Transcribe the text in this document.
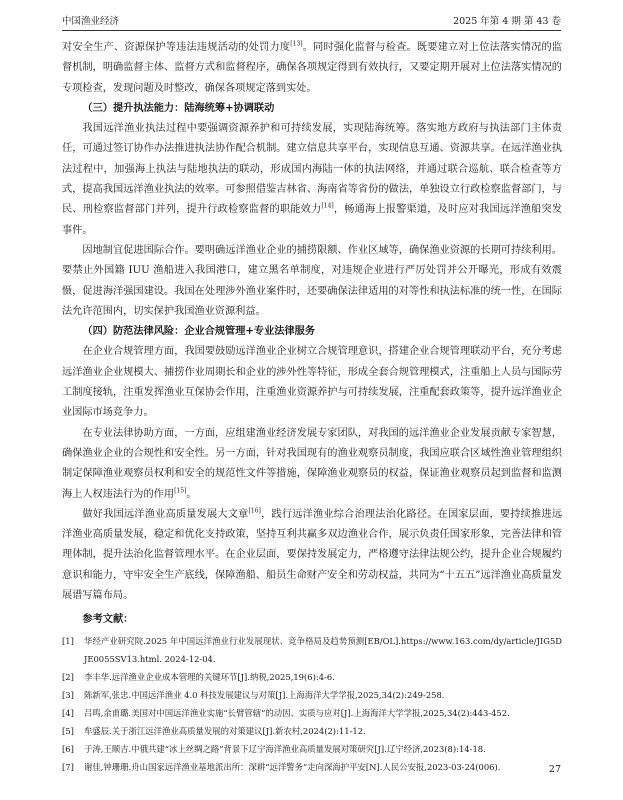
中国渔业经济	2025 年第 4 期 第 43 卷

对安全生产、资源保护等违法违规活动的处罚力度[13]。同时强化监督与检查。既要建立对上位法落实情况的监督机制，明确监督主体、监督方式和监督程序，确保各项规定得到有效执行，又要定期开展对上位法落实情况的专项检查，发现问题及时整改，确保各项规定落到实处。

（三）提升执法能力：陆海统筹+协调联动

我国远洋渔业执法过程中要强调资源养护和可持续发展，实现陆海统筹。落实地方政府与执法部门主体责任，可通过签订协作办法推进执法协作配合机制。建立信息共享平台，实现信息互通、资源共享。在远洋渔业执法过程中，加强海上执法与陆地执法的联动，形成国内海陆一体的执法网络，并通过联合巡航、联合检查等方式，提高我国远洋渔业执法的效率。可参照借鉴吉林省、海南省等省份的做法，单独设立行政检察监督部门，与民、刑检察监督部门并列，提升行政检察监督的职能效力[14]，畅通海上报警渠道，及时应对我国远洋渔船突发事件。

因地制宜促进国际合作。要明确远洋渔业企业的捕捞限额、作业区域等，确保渔业资源的长期可持续利用。要禁止外国籍 IUU 渔船进入我国港口，建立黑名单制度，对违规企业进行严厉处罚并公开曝光，形成有效震慑，促进海洋强国建设。我国在处理涉外渔业案件时，还要确保法律适用的对等性和执法标准的统一性，在国际法允许范围内，切实保护我国渔业资源利益。

（四）防范法律风险：企业合规管理+专业法律服务

在企业合规管理方面，我国要鼓励远洋渔业企业树立合规管理意识，搭建企业合规管理联动平台，充分考虑远洋渔业企业规模大、捕捞作业周期长和企业的涉外性等特征，形成全套合规管理模式，注重船上人员与国际劳工制度接轨，注重发挥渔业互保协会作用，注重渔业资源养护与可持续发展，注重配套政策等，提升远洋渔业企业国际市场竞争力。

在专业法律协助方面，一方面，应组建渔业经济发展专家团队，对我国的远洋渔业企业发展贡献专家智慧，确保渔业企业的合规性和安全性。另一方面，针对我国现有的渔业观察员制度，我国应联合区域性渔业管理组织制定保障渔业观察员权利和安全的规范性文件等措施，保障渔业观察员的权益，保证渔业观察员起到监督和监测海上人权违法行为的作用[15]。

做好我国远洋渔业高质量发展大文章[16]，践行远洋渔业综合治理法治化路径。在国家层面，要持续推进远洋渔业高质量发展，稳定和优化支持政策，坚持互利共赢多双边渔业合作，展示负责任国家形象，完善法律和管理体制，提升法治化监督管理水平。在企业层面，要保持发展定力，严格遵守法律法规公约，提升企业合规履约意识和能力，守牢安全生产底线，保障渔船、船员生命财产安全和劳动权益，共同为“十五五”远洋渔业高质量发展谱写篇布局。

参考文献：
[1]	华经产业研究院.2025 年中国远洋渔业行业发展现状、竞争格局及趋势预测[EB/OL].https://www.163.com/dy/article/JIG5DJE0055SV13.html. 2024-12-04.
[2]	李丰华.远洋渔业企业成本管理的关键环节[J].纳税,2025,19(6):4-6.
[3]	陈新军,张忠.中国远洋渔业 4.0 科技发展建议与对策[J].上海海洋大学学报,2025,34(2):249-258.
[4]	吕鸣,余甫璐.美国对中国远洋渔业实施“长臂管辖”的动因、实质与应对[J].上海海洋大学学报,2025,34(2):443-452.
[5]	牟盛辰.关于浙江远洋渔业高质量发展的对策建议[J].新农村,2024(2):11-12.
[6]	于涛,王顺吉.中俄共建“冰上丝绸之路”背景下辽宁海洋渔业高质量发展对策研究[J].辽宁经济,2023(8):14-18.
[7]	谢佳,钟珊珊.舟山国家远洋渔业基地派出所：深耕“远洋警务”走向深海护平安[N].人民公安报,2023-03-24(006).	27
